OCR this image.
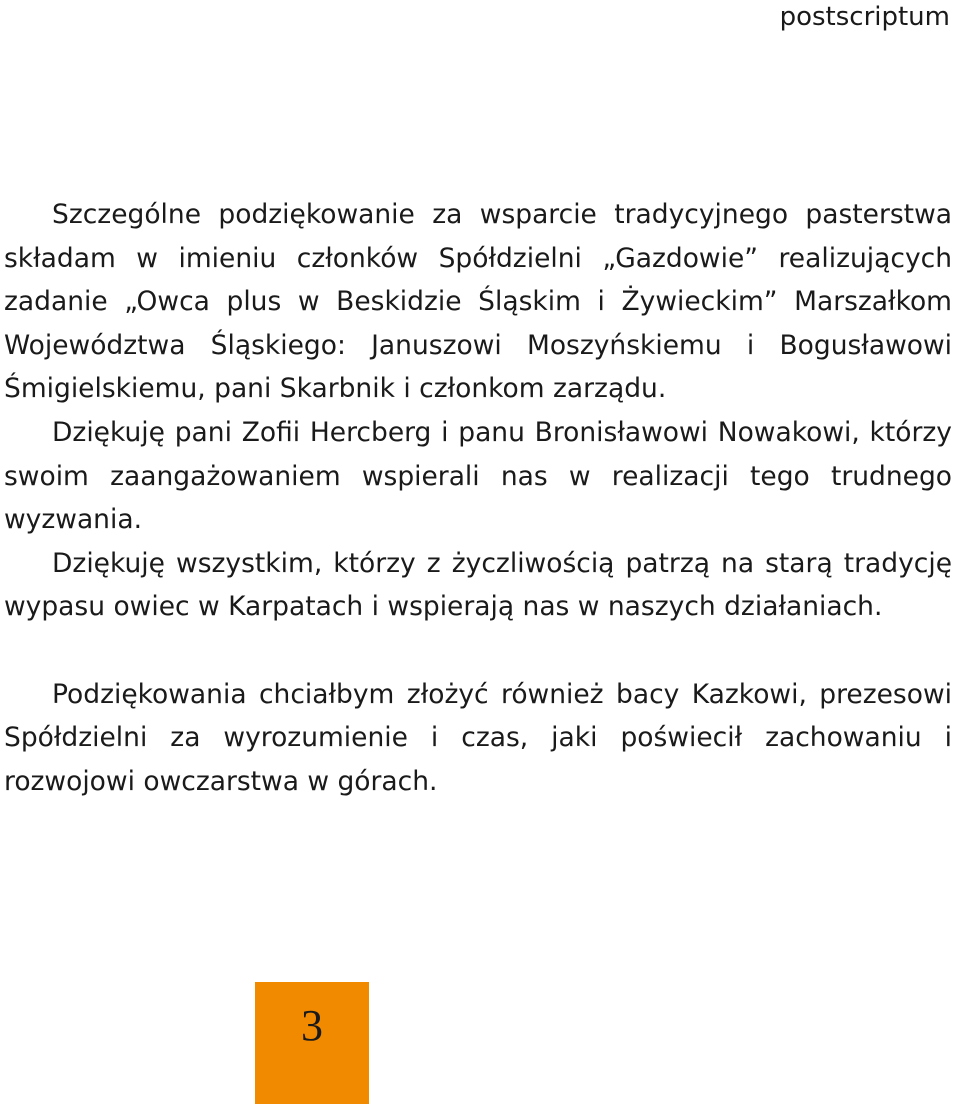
postscriptum

Szczególne podziękowanie za wsparcie tradycyjnego pasterstwa składam w imieniu członków Spółdzielni „Gazdowie” realizujących zadanie „Owca plus w Beskidzie Śląskim i Żywieckim” Marszałkom Województwa Śląskiego: Januszowi Moszyńskiemu i Bogusławowi Śmigielskiemu, pani Skarbnik i członkom zarządu.

Dziękuję pani Zofii Hercberg i panu Bronisławowi Nowakowi, którzy swoim zaangażowaniem wspierali nas w realizacji tego trudnego wyzwania.

Dziękuję wszystkim, którzy z życzliwością patrzą na starą tradycję wypasu owiec w Karpatach i wspierają nas w naszych działaniach.

Podziękowania chciałbym złożyć również bacy Kazkowi, prezesowi Spółdzielni za wyrozumienie i czas, jaki poświecił zachowaniu i rozwojowi owczarstwa w górach.

3
